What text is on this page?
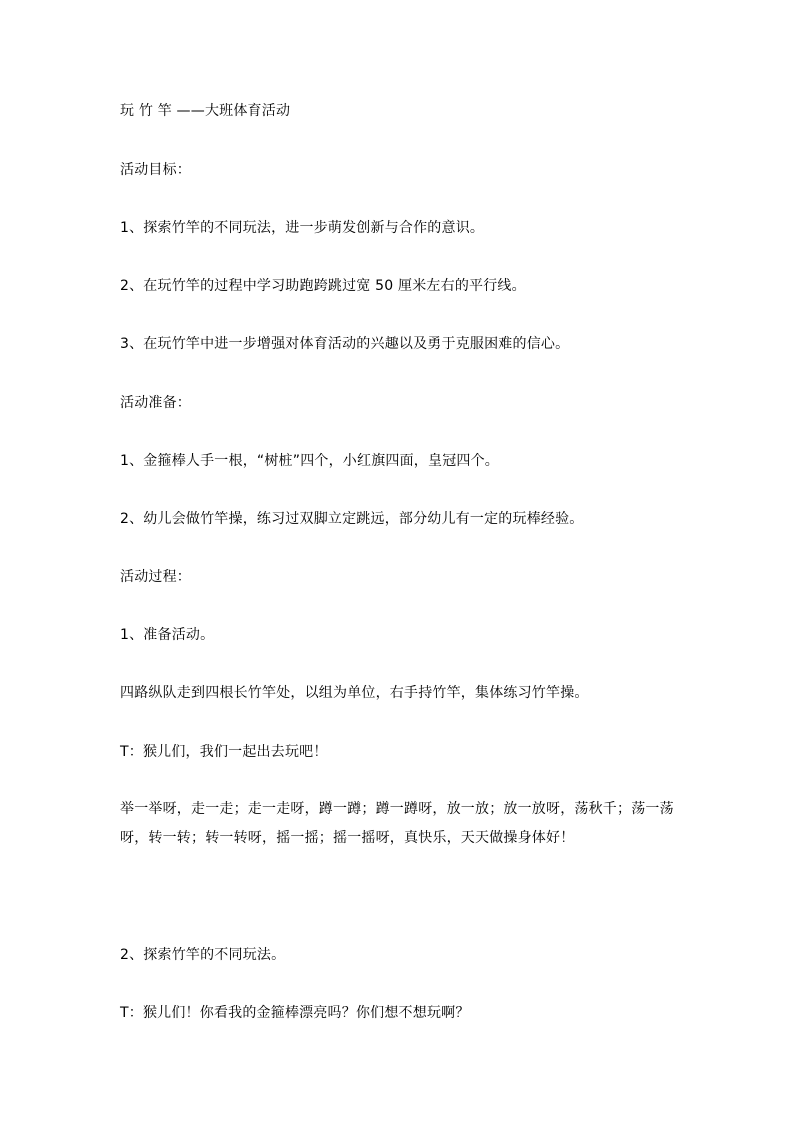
玩 竹 竿 ——大班体育活动
活动目标：
1、探索竹竿的不同玩法，进一步萌发创新与合作的意识。
2、在玩竹竿的过程中学习助跑跨跳过宽 50 厘米左右的平行线。
3、在玩竹竿中进一步增强对体育活动的兴趣以及勇于克服困难的信心。
活动准备：
1、金箍棒人手一根，“树桩”四个，小红旗四面，皇冠四个。
2、幼儿会做竹竿操，练习过双脚立定跳远，部分幼儿有一定的玩棒经验。
活动过程：
1、准备活动。
四路纵队走到四根长竹竿处，以组为单位，右手持竹竿，集体练习竹竿操。
T：猴儿们，我们一起出去玩吧！
举一举呀，走一走；走一走呀，蹲一蹲；蹲一蹲呀，放一放；放一放呀，荡秋千；荡一荡呀，转一转；转一转呀，摇一摇；摇一摇呀，真快乐，天天做操身体好！
2、探索竹竿的不同玩法。
T：猴儿们！你看我的金箍棒漂亮吗？你们想不想玩啊？
